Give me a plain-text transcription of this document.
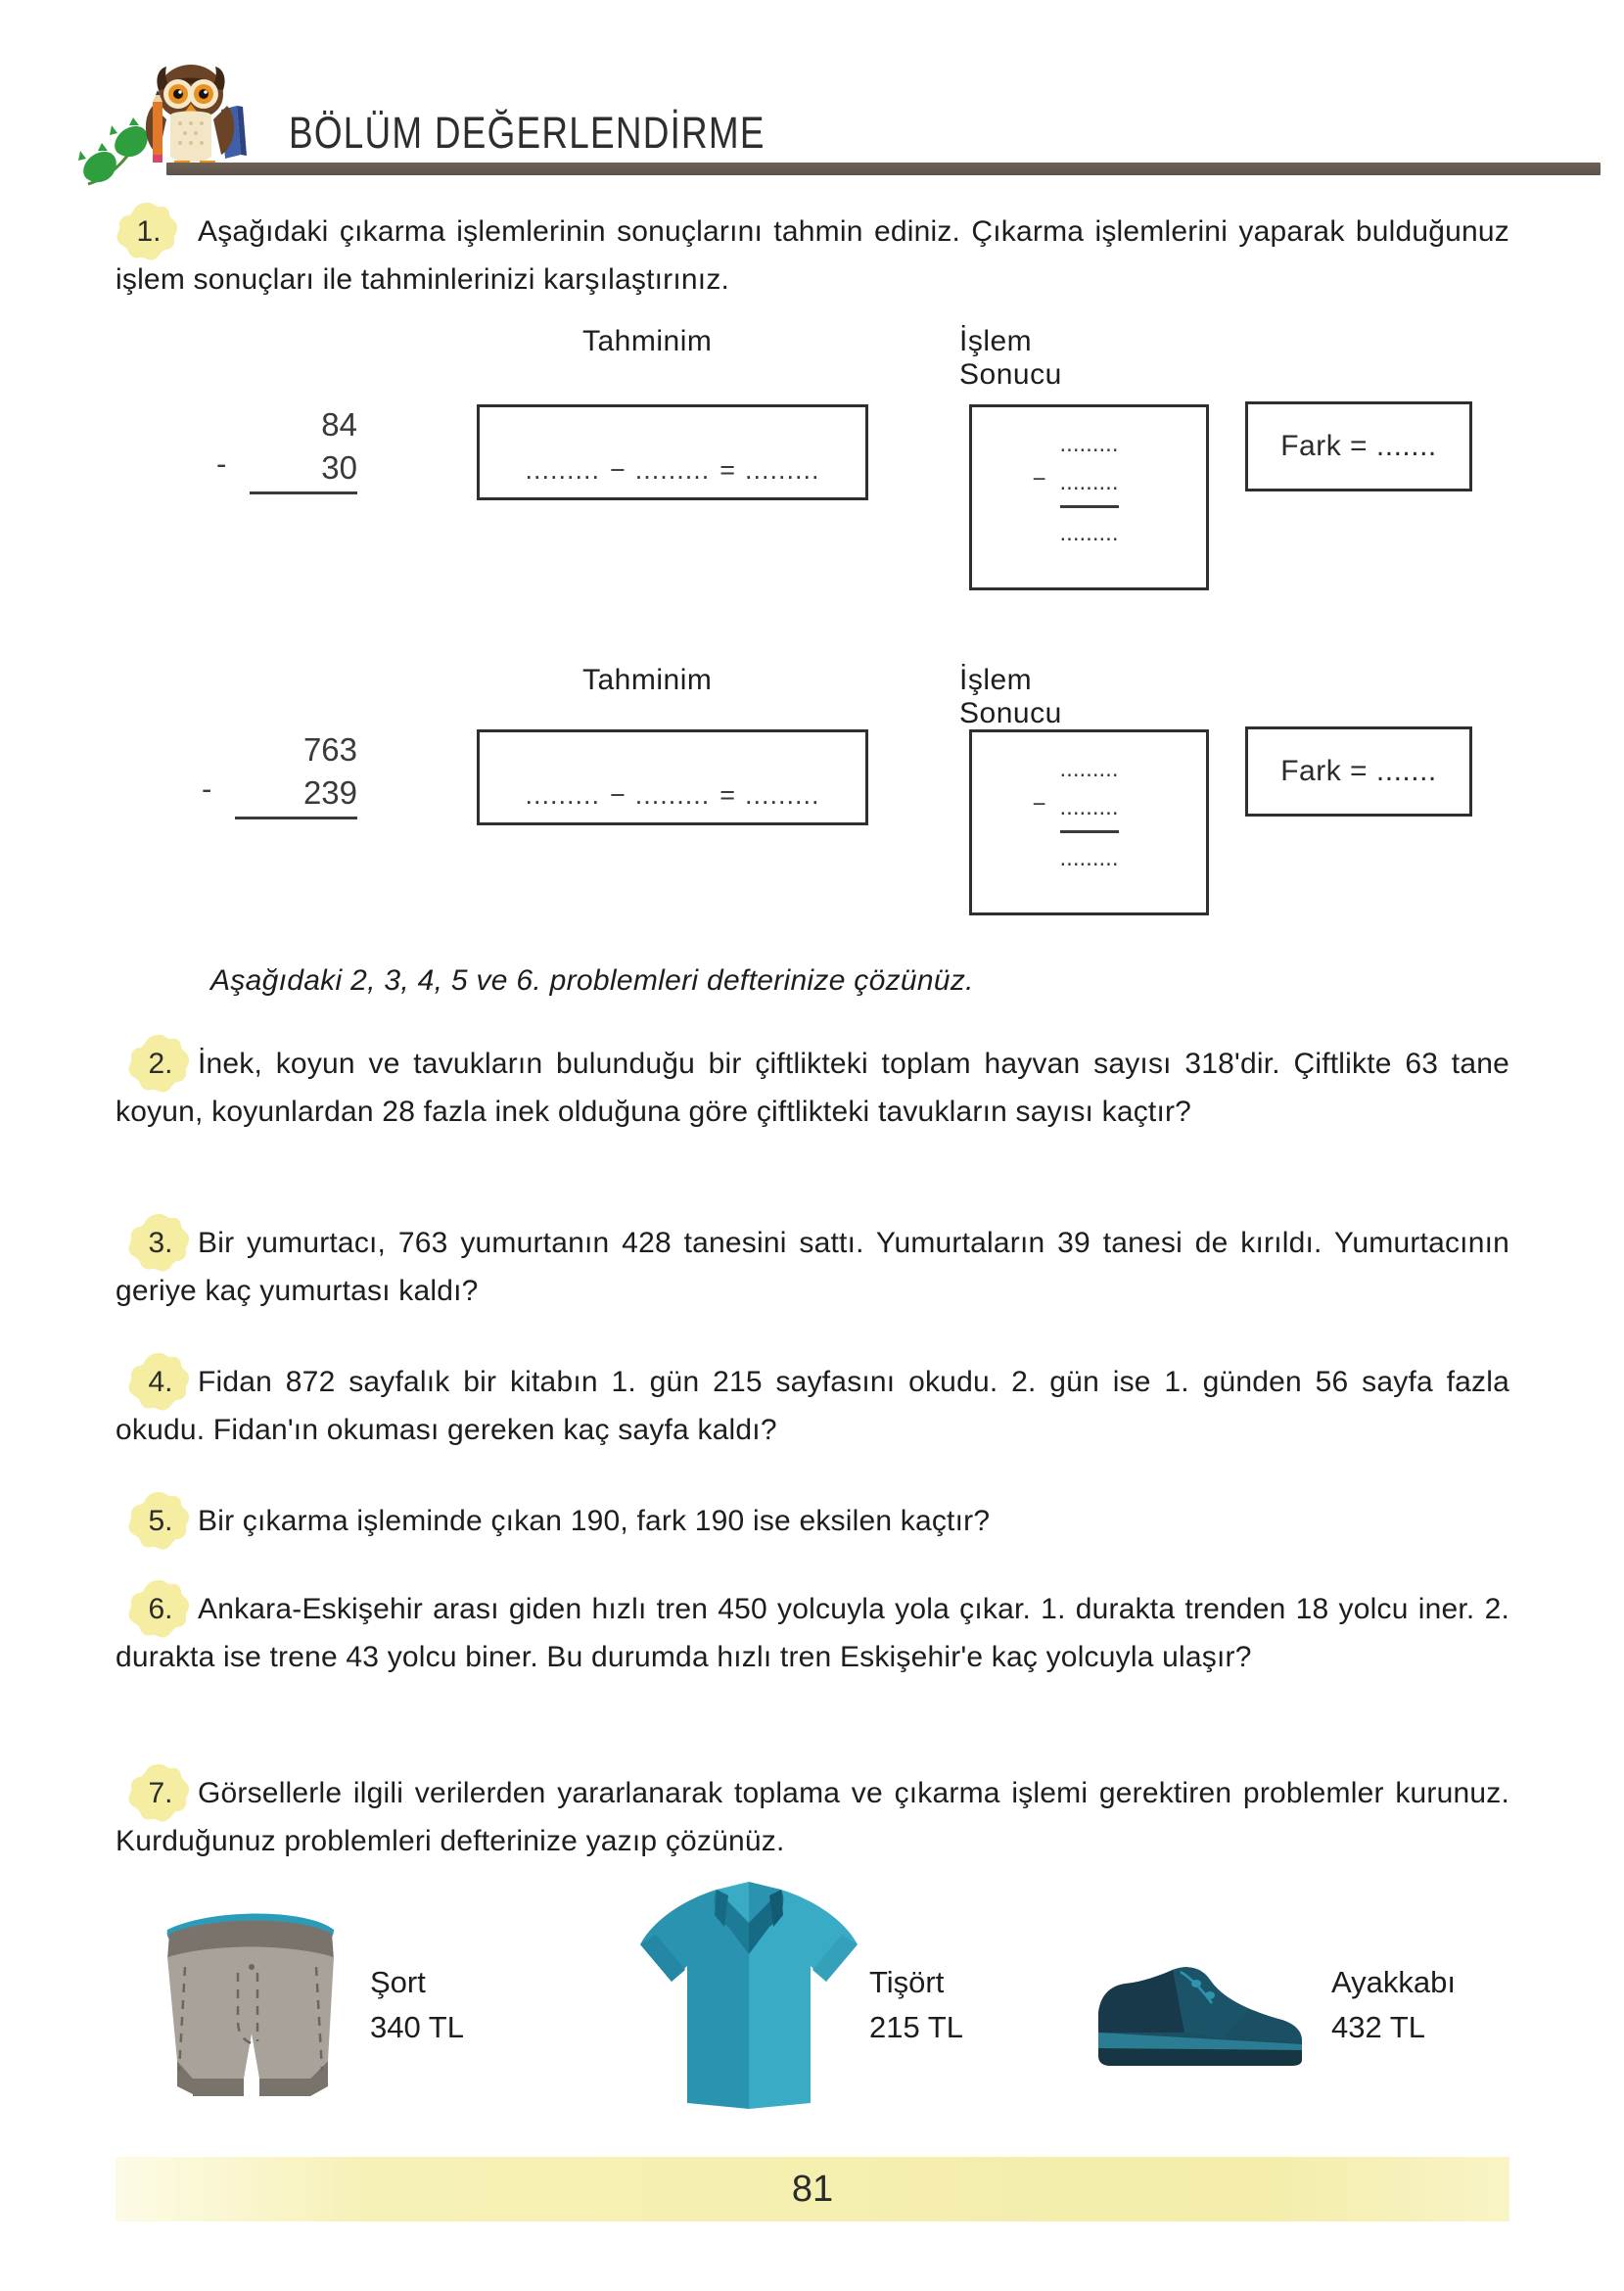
BÖLÜM DEĞERLENDİRME
1.	Aşağıdaki çıkarma işlemlerinin sonuçlarını tahmin ediniz. Çıkarma işlemlerini yaparak bulduğunuz işlem sonuçları ile tahminlerinizi karşılaştırınız.
Tahminim	İşlem Sonucu
84
-	30	......... − ......... = .........
.........
− .........
.........
Fark = .......
Tahminim	İşlem Sonucu
763
-	239	......... − ......... = .........
.........
− .........
.........
Fark = .......
Aşağıdaki 2, 3, 4, 5 ve 6. problemleri defterinize çözünüz.
2. İnek, koyun ve tavukların bulunduğu bir çiftlikteki toplam hayvan sayısı 318'dir. Çiftlikte 63 tane koyun, koyunlardan 28 fazla inek olduğuna göre çiftlikteki tavukların sayısı kaçtır?
3. Bir yumurtacı, 763 yumurtanın 428 tanesini sattı. Yumurtaların 39 tanesi de kırıldı. Yumurtacının geriye kaç yumurtası kaldı?
4. Fidan 872 sayfalık bir kitabın 1. gün 215 sayfasını okudu. 2. gün ise 1. günden 56 sayfa fazla okudu. Fidan'ın okuması gereken kaç sayfa kaldı?
5. Bir çıkarma işleminde çıkan 190, fark 190 ise eksilen kaçtır?
6. Ankara-Eskişehir arası giden hızlı tren 450 yolcuyla yola çıkar. 1. durakta trenden 18 yolcu iner. 2. durakta ise trene 43 yolcu biner. Bu durumda hızlı tren Eskişehir'e kaç yolcuyla ulaşır?
7. Görsellerle ilgili verilerden yararlanarak toplama ve çıkarma işlemi gerektiren problemler kurunuz. Kurduğunuz problemleri defterinize yazıp çözünüz.
Şort
340 TL
Tişört
215 TL
Ayakkabı
432 TL
81
